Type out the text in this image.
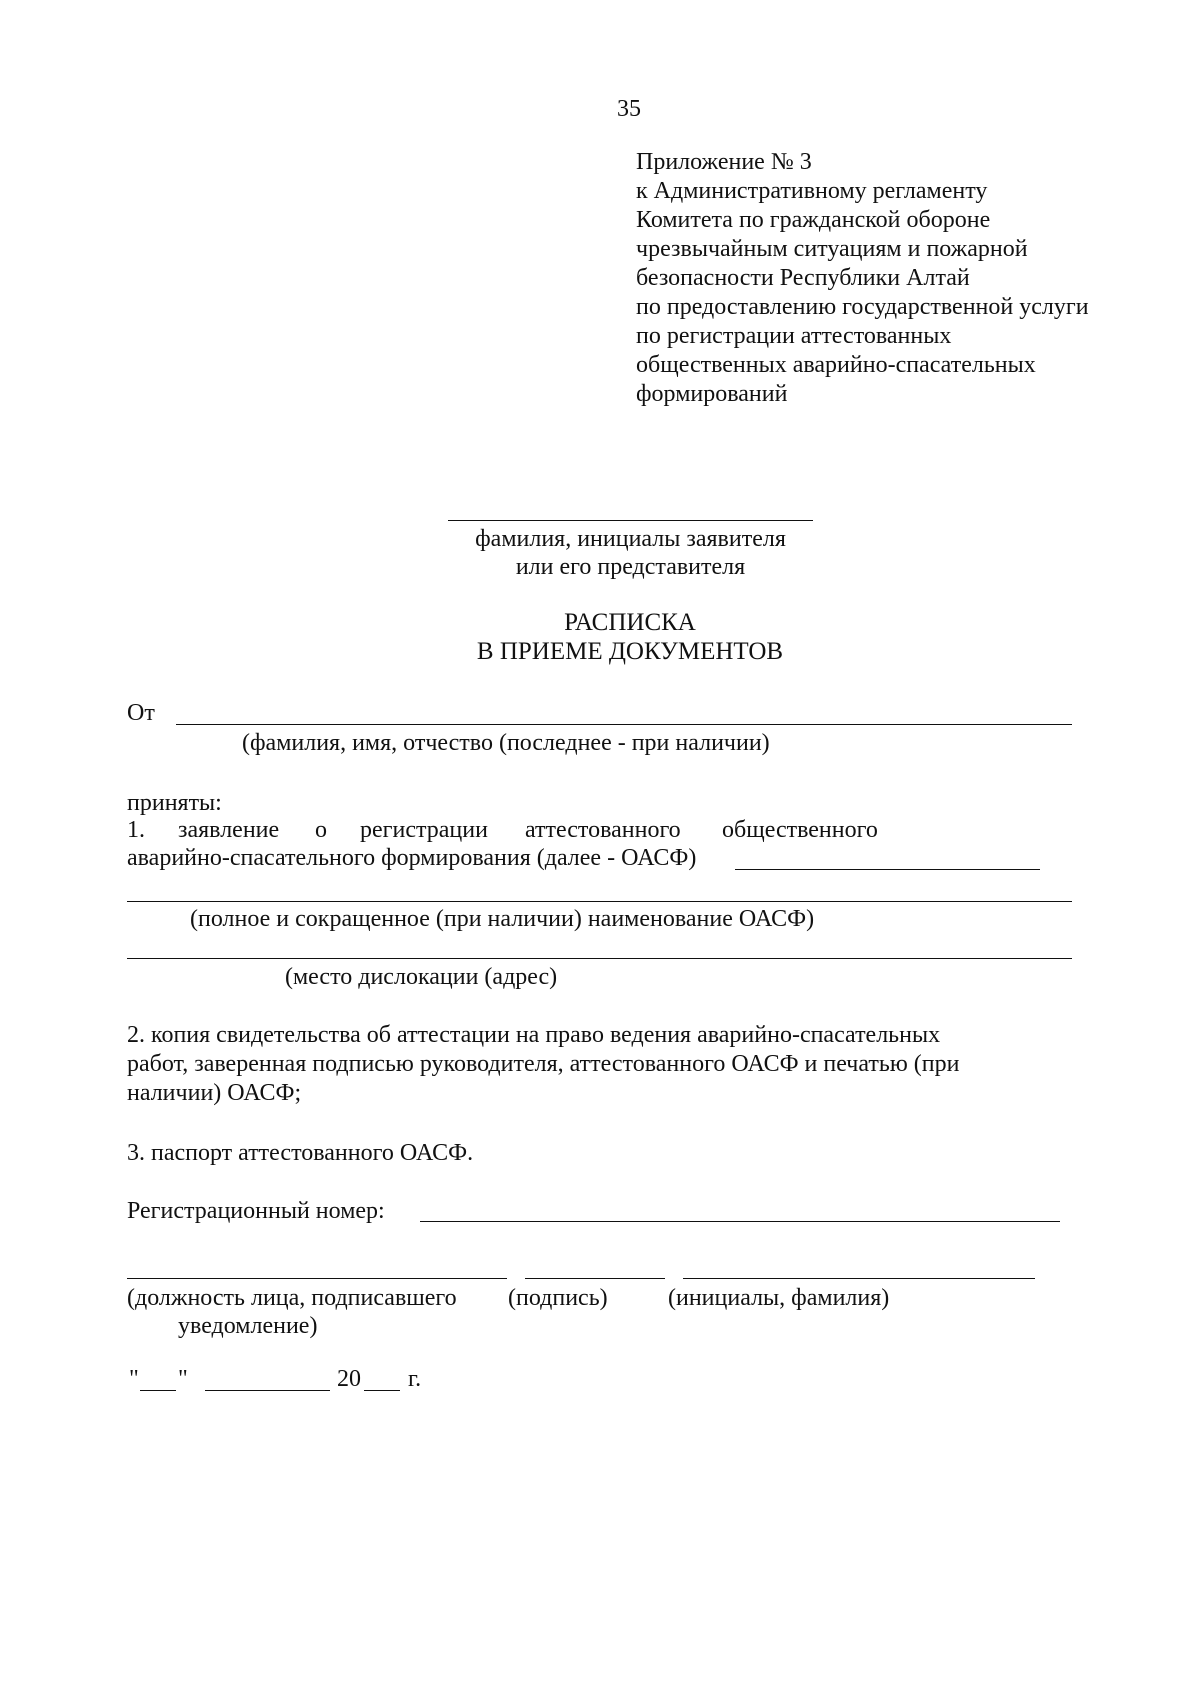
35
Приложение № 3
к Административному регламенту
Комитета по гражданской обороне
чрезвычайным ситуациям и пожарной
безопасности Республики Алтай
по предоставлению государственной услуги
по регистрации аттестованных
общественных аварийно-спасательных
формирований
фамилия, инициалы заявителя
или его представителя
РАСПИСКА
В ПРИЕМЕ ДОКУМЕНТОВ
От
(фамилия, имя, отчество (последнее - при наличии)
приняты:
1. заявление о регистрации аттестованного общественного
аварийно-спасательного формирования (далее - ОАСФ)
(полное и сокращенное (при наличии) наименование ОАСФ)
(место дислокации (адрес)
2. копия свидетельства об аттестации на право ведения аварийно-спасательных
работ, заверенная подписью руководителя, аттестованного ОАСФ и печатью (при
наличии) ОАСФ;
3. паспорт аттестованного ОАСФ.
Регистрационный номер:
(должность лица, подписавшего
уведомление)
(подпись)	(инициалы, фамилия)
" "	20 г.
